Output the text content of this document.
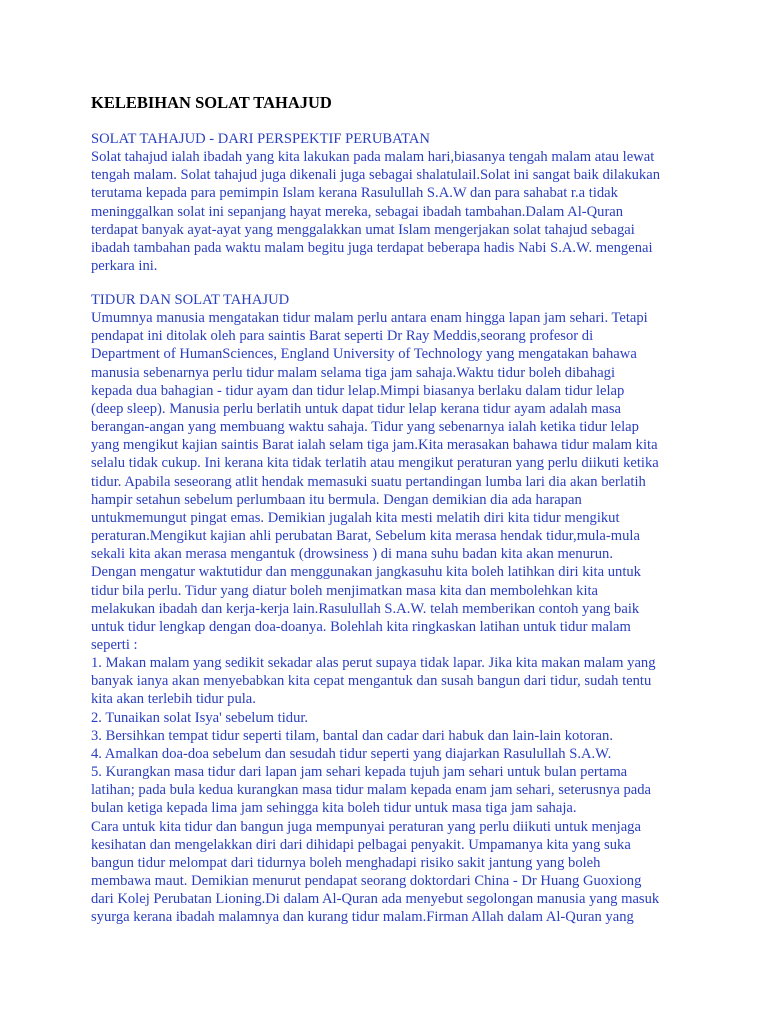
KELEBIHAN SOLAT TAHAJUD
SOLAT TAHAJUD - DARI PERSPEKTIF PERUBATAN
Solat tahajud ialah ibadah yang kita lakukan pada malam hari,biasanya tengah malam atau lewat
tengah malam. Solat tahajud juga dikenali juga sebagai shalatulail.Solat ini sangat baik dilakukan
terutama kepada para pemimpin Islam kerana Rasulullah S.A.W dan para sahabat r.a tidak
meninggalkan solat ini sepanjang hayat mereka, sebagai ibadah tambahan.Dalam Al-Quran
terdapat banyak ayat-ayat yang menggalakkan umat Islam mengerjakan solat tahajud sebagai
ibadah tambahan pada waktu malam begitu juga terdapat beberapa hadis Nabi S.A.W. mengenai
perkara ini.
TIDUR DAN SOLAT TAHAJUD
Umumnya manusia mengatakan tidur malam perlu antara enam hingga lapan jam sehari. Tetapi
pendapat ini ditolak oleh para saintis Barat seperti Dr Ray Meddis,seorang profesor di
Department of HumanSciences, England University of Technology yang mengatakan bahawa
manusia sebenarnya perlu tidur malam selama tiga jam sahaja.Waktu tidur boleh dibahagi
kepada dua bahagian - tidur ayam dan tidur lelap.Mimpi biasanya berlaku dalam tidur lelap
(deep sleep). Manusia perlu berlatih untuk dapat tidur lelap kerana tidur ayam adalah masa
berangan-angan yang membuang waktu sahaja. Tidur yang sebenarnya ialah ketika tidur lelap
yang mengikut kajian saintis Barat ialah selam tiga jam.Kita merasakan bahawa tidur malam kita
selalu tidak cukup. Ini kerana kita tidak terlatih atau mengikut peraturan yang perlu diikuti ketika
tidur. Apabila seseorang atlit hendak memasuki suatu pertandingan lumba lari dia akan berlatih
hampir setahun sebelum perlumbaan itu bermula. Dengan demikian dia ada harapan
untukmemungut pingat emas. Demikian jugalah kita mesti melatih diri kita tidur mengikut
peraturan.Mengikut kajian ahli perubatan Barat, Sebelum kita merasa hendak tidur,mula-mula
sekali kita akan merasa mengantuk (drowsiness ) di mana suhu badan kita akan menurun.
Dengan mengatur waktutidur dan menggunakan jangkasuhu kita boleh latihkan diri kita untuk
tidur bila perlu. Tidur yang diatur boleh menjimatkan masa kita dan membolehkan kita
melakukan ibadah dan kerja-kerja lain.Rasulullah S.A.W. telah memberikan contoh yang baik
untuk tidur lengkap dengan doa-doanya. Bolehlah kita ringkaskan latihan untuk tidur malam
seperti :
1. Makan malam yang sedikit sekadar alas perut supaya tidak lapar. Jika kita makan malam yang
banyak ianya akan menyebabkan kita cepat mengantuk dan susah bangun dari tidur, sudah tentu
kita akan terlebih tidur pula.
2. Tunaikan solat Isya' sebelum tidur.
3. Bersihkan tempat tidur seperti tilam, bantal dan cadar dari habuk dan lain-lain kotoran.
4. Amalkan doa-doa sebelum dan sesudah tidur seperti yang diajarkan Rasulullah S.A.W.
5. Kurangkan masa tidur dari lapan jam sehari kepada tujuh jam sehari untuk bulan pertama
latihan; pada bula kedua kurangkan masa tidur malam kepada enam jam sehari, seterusnya pada
bulan ketiga kepada lima jam sehingga kita boleh tidur untuk masa tiga jam sahaja.
Cara untuk kita tidur dan bangun juga mempunyai peraturan yang perlu diikuti untuk menjaga
kesihatan dan mengelakkan diri dari dihidapi pelbagai penyakit. Umpamanya kita yang suka
bangun tidur melompat dari tidurnya boleh menghadapi risiko sakit jantung yang boleh
membawa maut. Demikian menurut pendapat seorang doktordari China - Dr Huang Guoxiong
dari Kolej Perubatan Lioning.Di dalam Al-Quran ada menyebut segolongan manusia yang masuk
syurga kerana ibadah malamnya dan kurang tidur malam.Firman Allah dalam Al-Quran yang
